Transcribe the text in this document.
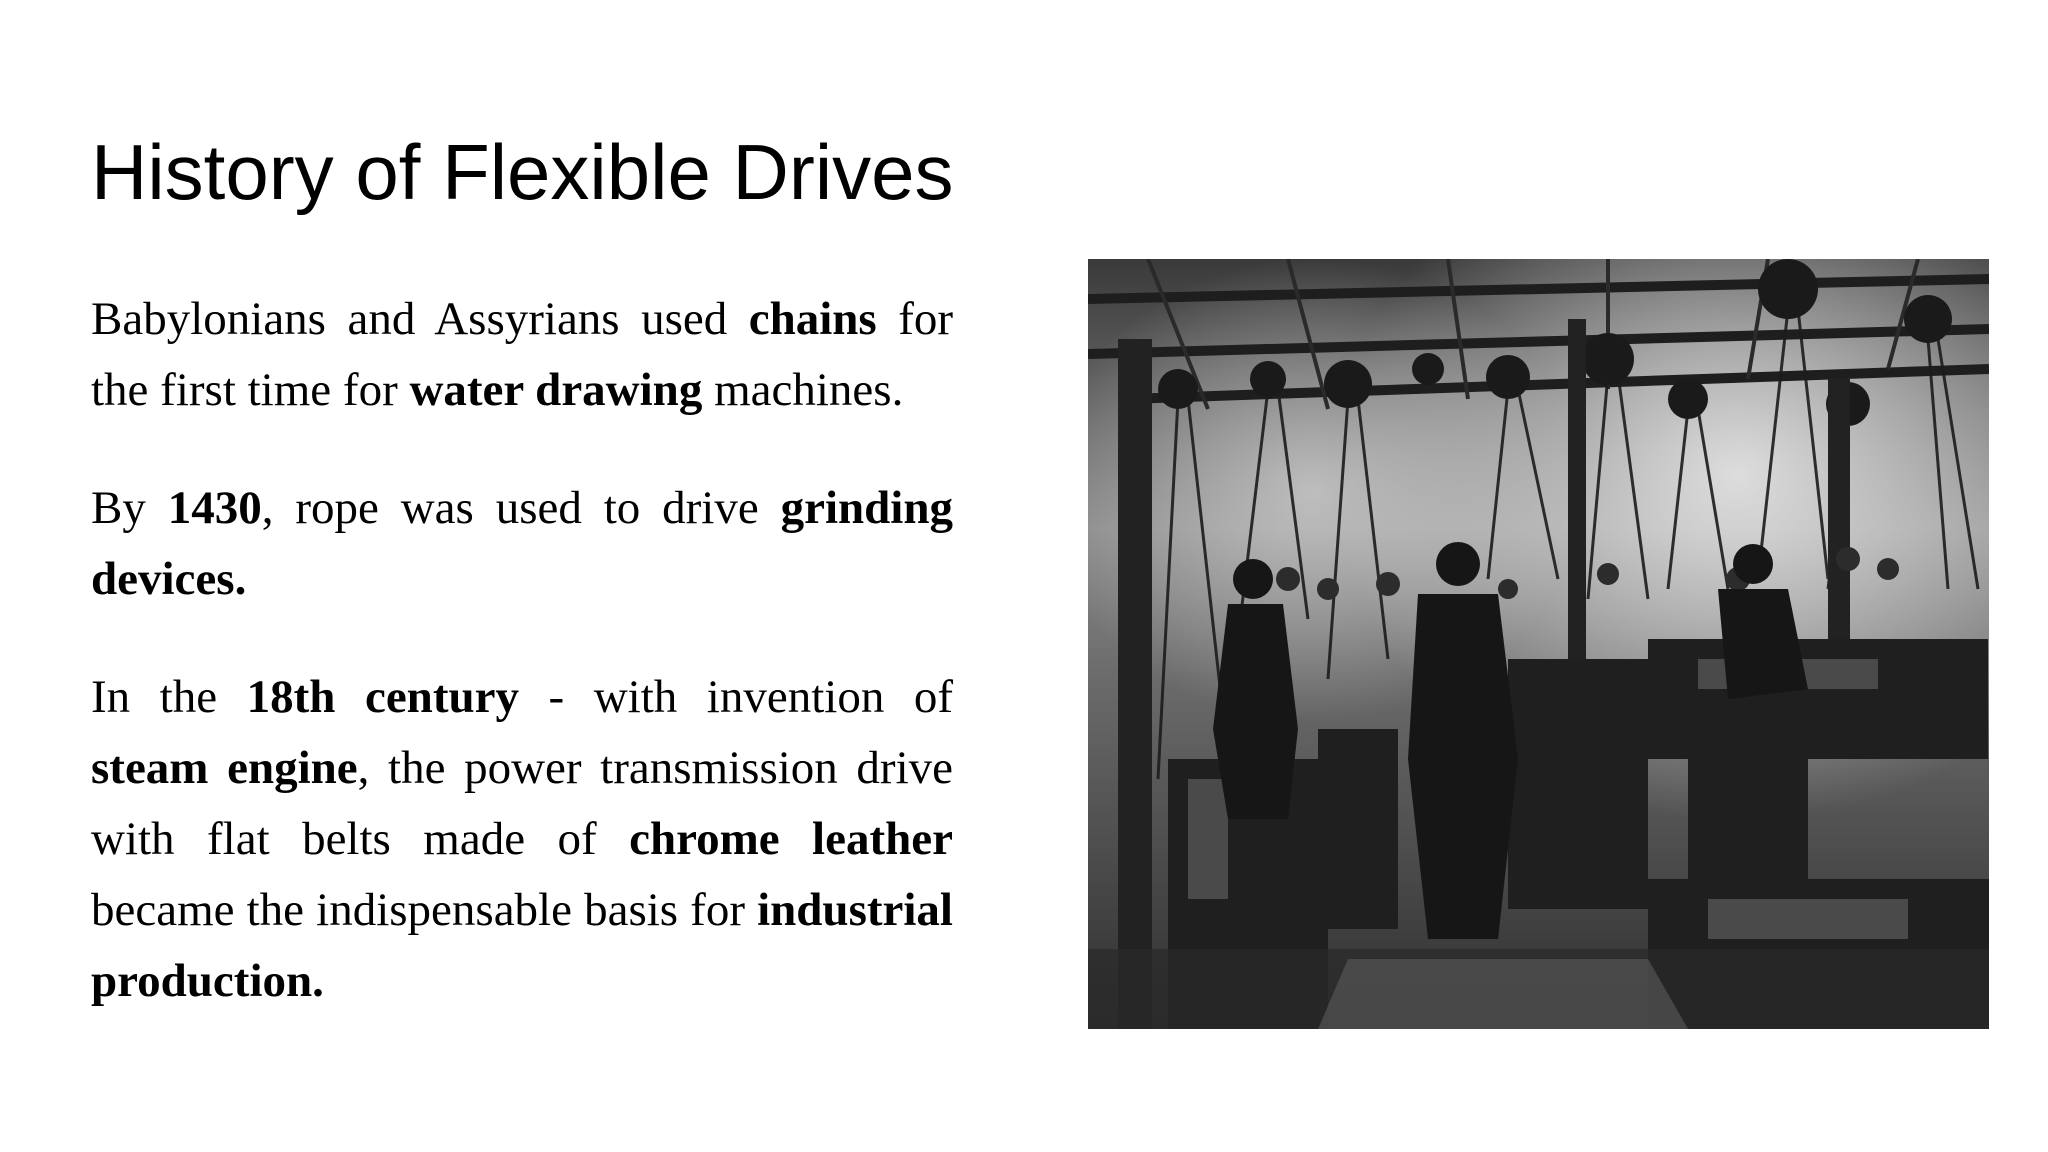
History of Flexible Drives

Babylonians and Assyrians used chains for the first time for water drawing machines.

By 1430, rope was used to drive grinding devices.

In the 18th century - with invention of steam engine, the power transmission drive with flat belts made of chrome leather became the indispensable basis for industrial production.
